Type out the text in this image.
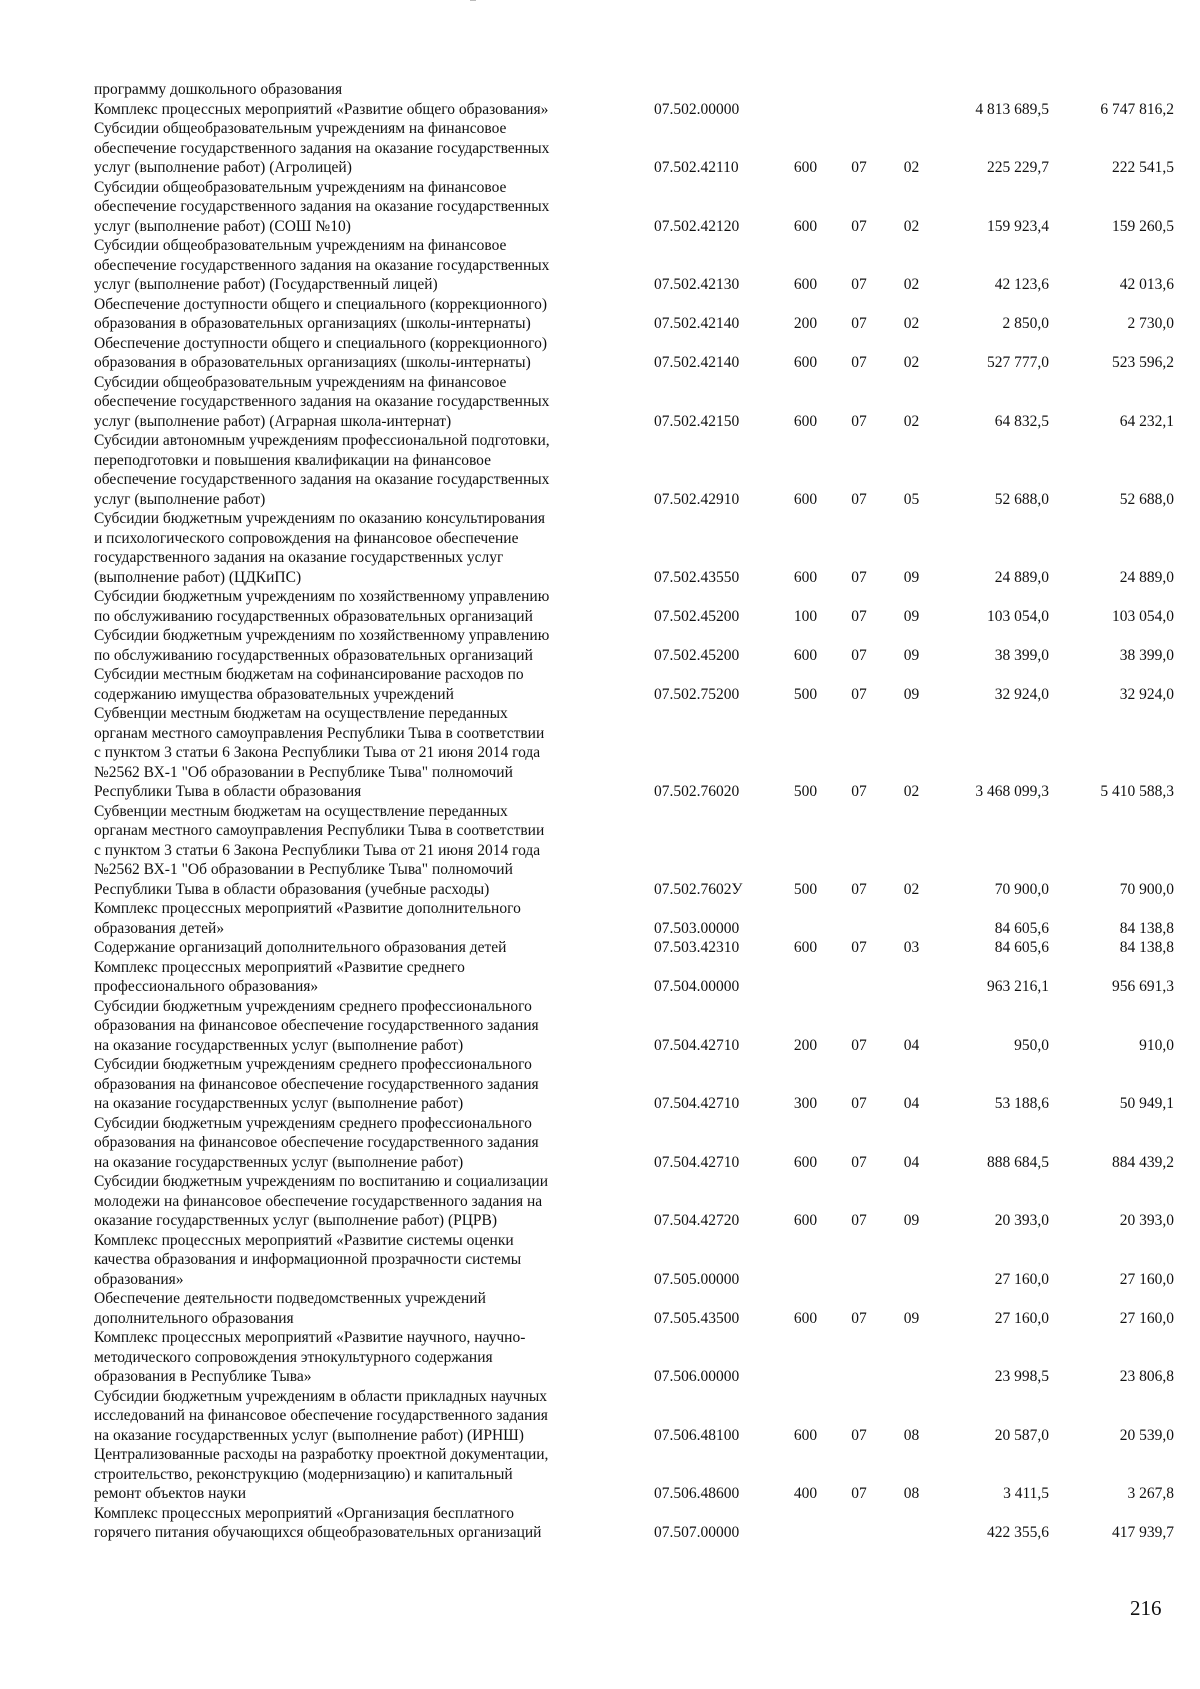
программу дошкольного образования						

Комплекс процессных мероприятий «Развитие общего образования»	07.502.00000				4 813 689,5	6 747 816,2

Субсидии общеобразовательным учреждениям на финансовое
обеспечение государственного задания на оказание государственных
услуг (выполнение работ) (Агролицей)	07.502.42110	600	07	02	225 229,7	222 541,5

Субсидии общеобразовательным учреждениям на финансовое
обеспечение государственного задания на оказание государственных
услуг (выполнение работ) (СОШ №10)	07.502.42120	600	07	02	159 923,4	159 260,5

Субсидии общеобразовательным учреждениям на финансовое
обеспечение государственного задания на оказание государственных
услуг (выполнение работ) (Государственный лицей)	07.502.42130	600	07	02	42 123,6	42 013,6

Обеспечение доступности общего и специального (коррекционного)
образования в образовательных организациях (школы-интернаты)	07.502.42140	200	07	02	2 850,0	2 730,0

Обеспечение доступности общего и специального (коррекционного)
образования в образовательных организациях (школы-интернаты)	07.502.42140	600	07	02	527 777,0	523 596,2

Субсидии общеобразовательным учреждениям на финансовое
обеспечение государственного задания на оказание государственных
услуг (выполнение работ) (Аграрная школа-интернат)	07.502.42150	600	07	02	64 832,5	64 232,1

Субсидии автономным учреждениям профессиональной подготовки,
переподготовки и повышения квалификации на финансовое
обеспечение государственного задания на оказание государственных
услуг (выполнение работ)	07.502.42910	600	07	05	52 688,0	52 688,0

Субсидии бюджетным учреждениям по оказанию консультирования
и психологического сопровождения на финансовое обеспечение
государственного задания на оказание государственных услуг
(выполнение работ) (ЦДКиПС)	07.502.43550	600	07	09	24 889,0	24 889,0

Субсидии бюджетным учреждениям по хозяйственному управлению
по обслуживанию государственных образовательных организаций	07.502.45200	100	07	09	103 054,0	103 054,0

Субсидии бюджетным учреждениям по хозяйственному управлению
по обслуживанию государственных образовательных организаций	07.502.45200	600	07	09	38 399,0	38 399,0

Субсидии местным бюджетам на софинансирование расходов по
содержанию имущества образовательных учреждений	07.502.75200	500	07	09	32 924,0	32 924,0

Субвенции местным бюджетам на осуществление переданных
органам местного самоуправления Республики Тыва в соответствии
с пунктом 3 статьи 6 Закона Республики Тыва от 21 июня 2014 года
№2562 ВХ-1 "Об образовании в Республике Тыва" полномочий
Республики Тыва в области образования	07.502.76020	500	07	02	3 468 099,3	5 410 588,3

Субвенции местным бюджетам на осуществление переданных
органам местного самоуправления Республики Тыва в соответствии
с пунктом 3 статьи 6 Закона Республики Тыва от 21 июня 2014 года
№2562 ВХ-1 "Об образовании в Республике Тыва" полномочий
Республики Тыва в области образования (учебные расходы)	07.502.7602У	500	07	02	70 900,0	70 900,0

Комплекс процессных мероприятий «Развитие дополнительного
образования детей»	07.503.00000				84 605,6	84 138,8

Содержание организаций дополнительного образования детей	07.503.42310	600	07	03	84 605,6	84 138,8

Комплекс процессных мероприятий «Развитие среднего
профессионального образования»	07.504.00000				963 216,1	956 691,3

Субсидии бюджетным учреждениям среднего профессионального
образования на финансовое обеспечение государственного задания
на оказание государственных услуг (выполнение работ)	07.504.42710	200	07	04	950,0	910,0

Субсидии бюджетным учреждениям среднего профессионального
образования на финансовое обеспечение государственного задания
на оказание государственных услуг (выполнение работ)	07.504.42710	300	07	04	53 188,6	50 949,1

Субсидии бюджетным учреждениям среднего профессионального
образования на финансовое обеспечение государственного задания
на оказание государственных услуг (выполнение работ)	07.504.42710	600	07	04	888 684,5	884 439,2

Субсидии бюджетным учреждениям по воспитанию и социализации
молодежи на финансовое обеспечение государственного задания на
оказание государственных услуг (выполнение работ) (РЦРВ)	07.504.42720	600	07	09	20 393,0	20 393,0

Комплекс процессных мероприятий «Развитие системы оценки
качества образования и информационной прозрачности системы
образования»	07.505.00000				27 160,0	27 160,0

Обеспечение деятельности подведомственных учреждений
дополнительного образования	07.505.43500	600	07	09	27 160,0	27 160,0

Комплекс процессных мероприятий «Развитие научного, научно-
методического сопровождения этнокультурного содержания
образования в Республике Тыва»	07.506.00000				23 998,5	23 806,8

Субсидии бюджетным учреждениям в области прикладных научных
исследований на финансовое обеспечение государственного задания
на оказание государственных услуг (выполнение работ) (ИРНШ)	07.506.48100	600	07	08	20 587,0	20 539,0

Централизованные расходы на разработку проектной документации,
строительство, реконструкцию (модернизацию) и капитальный
ремонт объектов науки	07.506.48600	400	07	08	3 411,5	3 267,8

Комплекс процессных мероприятий «Организация бесплатного
горячего питания обучающихся общеобразовательных организаций	07.507.00000				422 355,6	417 939,7
216
